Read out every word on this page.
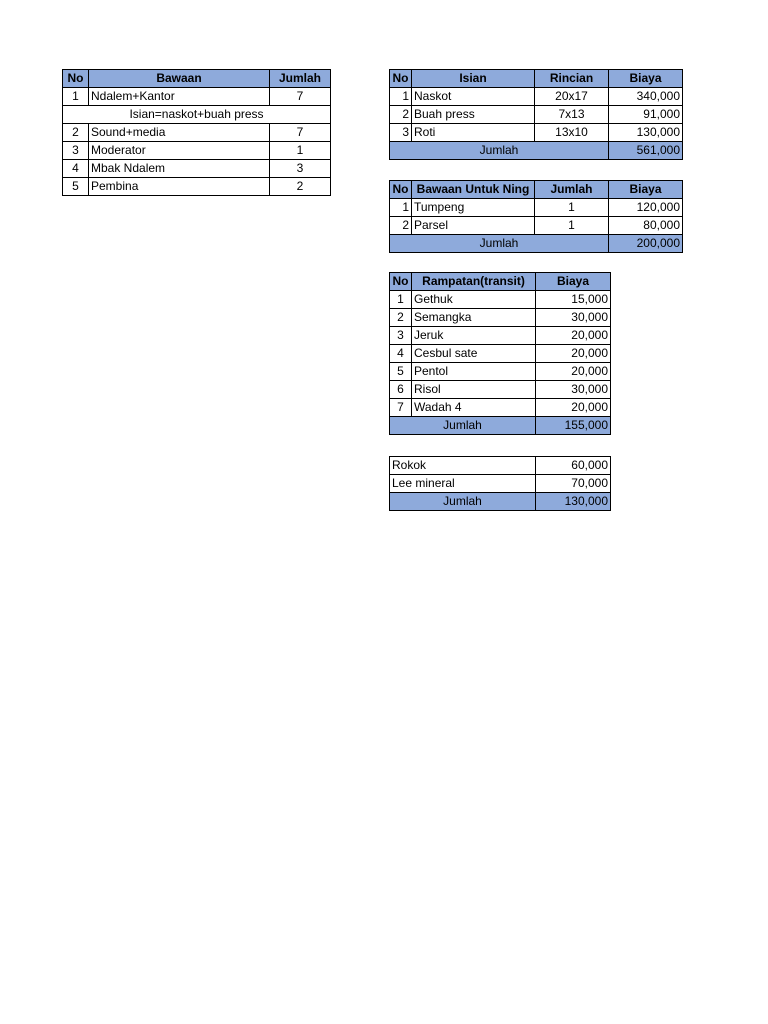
No	Bawaan	Jumlah
1	Ndalem+Kantor	7
Isian=naskot+buah press		
2	Sound+media	7
3	Moderator	1
4	Mbak Ndalem	3
5	Pembina	2
No	Isian	Rincian	Biaya
1	Naskot	20x17	340,000
2	Buah press	7x13	91,000
3	Roti	13x10	130,000
Jumlah			561,000
No	Bawaan Untuk Ning	Jumlah	Biaya
1	Tumpeng	1	120,000
2	Parsel	1	80,000
Jumlah			200,000
No	Rampatan(transit)	Biaya
1	Gethuk	15,000
2	Semangka	30,000
3	Jeruk	20,000
4	Cesbul sate	20,000
5	Pentol	20,000
6	Risol	30,000
7	Wadah 4	20,000
Jumlah		155,000
Rokok	60,000
Lee mineral	70,000
Jumlah	130,000
